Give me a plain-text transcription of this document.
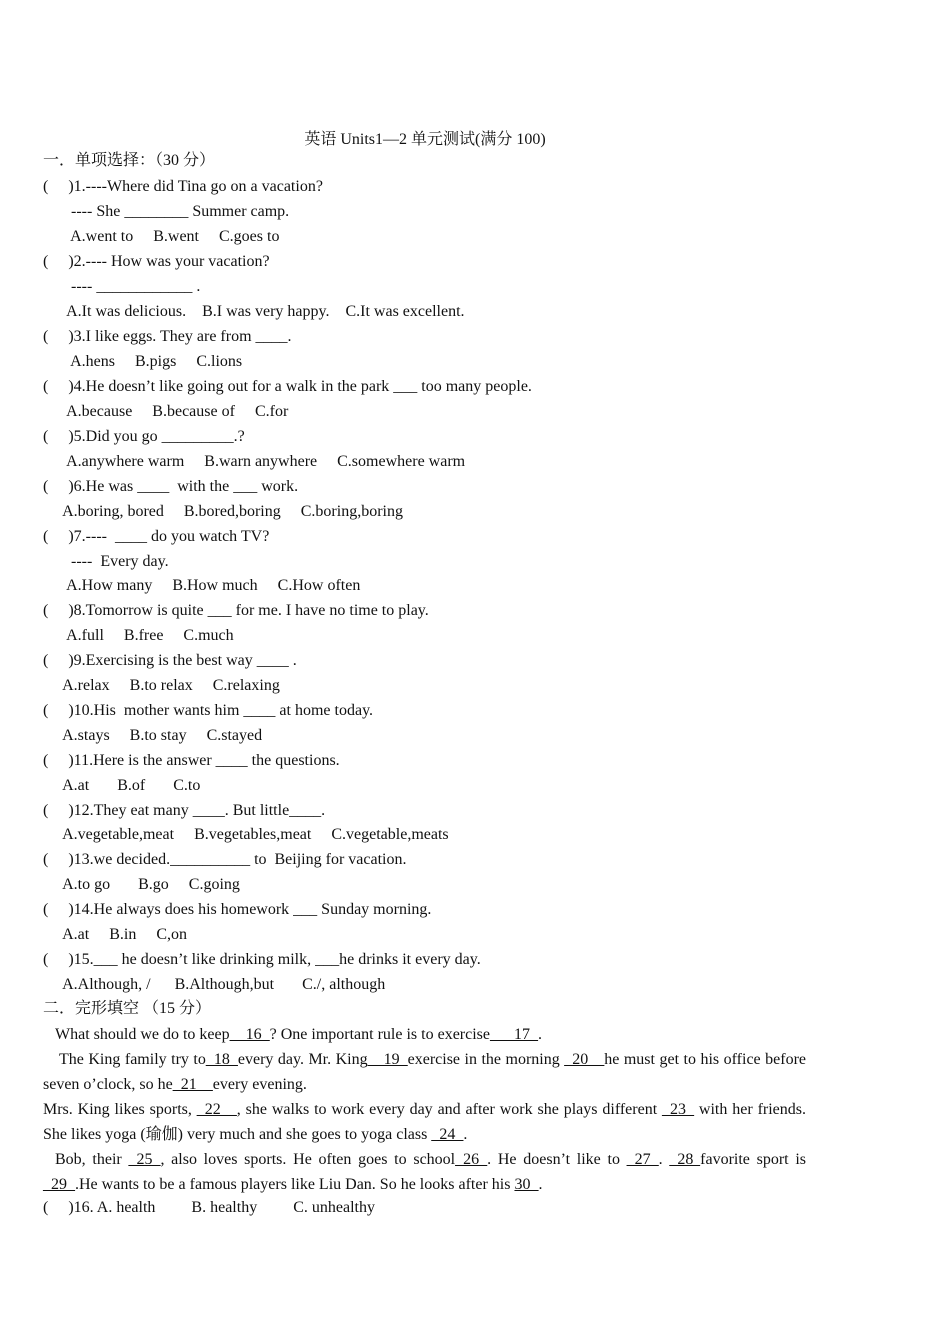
英语 Units1—2 单元测试(满分 100)
一．单项选择：（30 分）
(     )1.----Where did Tina go on a vacation?
---- She ________ Summer camp.
A.went to     B.went     C.goes to
(     )2.---- How was your vacation?
---- ____________ .
A.It was delicious.    B.I was very happy.    C.It was excellent.
(     )3.I like eggs. They are from ____.
A.hens     B.pigs     C.lions
(     )4.He doesn’t like going out for a walk in the park ___ too many people.
A.because     B.because of     C.for
(     )5.Did you go _________.?
A.anywhere warm     B.warn anywhere     C.somewhere warm
(     )6.He was ____  with the ___ work.
A.boring, bored     B.bored,boring     C.boring,boring
(     )7.----  ____ do you watch TV?
----  Every day.
A.How many     B.How much     C.How often
(     )8.Tomorrow is quite ___ for me. I have no time to play.
A.full     B.free     C.much
(     )9.Exercising is the best way ____ .
A.relax     B.to relax     C.relaxing
(     )10.His  mother wants him ____ at home today.
A.stays     B.to stay     C.stayed
(     )11.Here is the answer ____ the questions.
A.at       B.of       C.to
(     )12.They eat many ____. But little____.
A.vegetable,meat     B.vegetables,meat     C.vegetable,meats
(     )13.we decided.__________ to  Beijing for vacation.
A.to go       B.go     C.going
(     )14.He always does his homework ___ Sunday morning.
A.at     B.in     C,on
(     )15.___ he doesn’t like drinking milk, ___he drinks it every day.
A.Although, /      B.Although,but       C./, although
二．完形填空 （15 分）
What should we do to keep__16_? One important rule is to exercise___17_.
The King family try to_18_every day. Mr. King__19_exercise in the morning _20__he must get to his office before seven o’clock, so he_21__every evening.
Mrs. King likes sports, _22__, she walks to work every day and after work she plays different _23_ with her friends. She likes yoga (瑜伽) very much and she goes to yoga class _24_.
Bob, their _25_, also loves sports. He often goes to school_26_. He doesn’t like to _27_. _28 favorite sport is _29_.He wants to be a famous players like Liu Dan. So he looks after his 30_.
(     )16. A. health         B. healthy         C. unhealthy
